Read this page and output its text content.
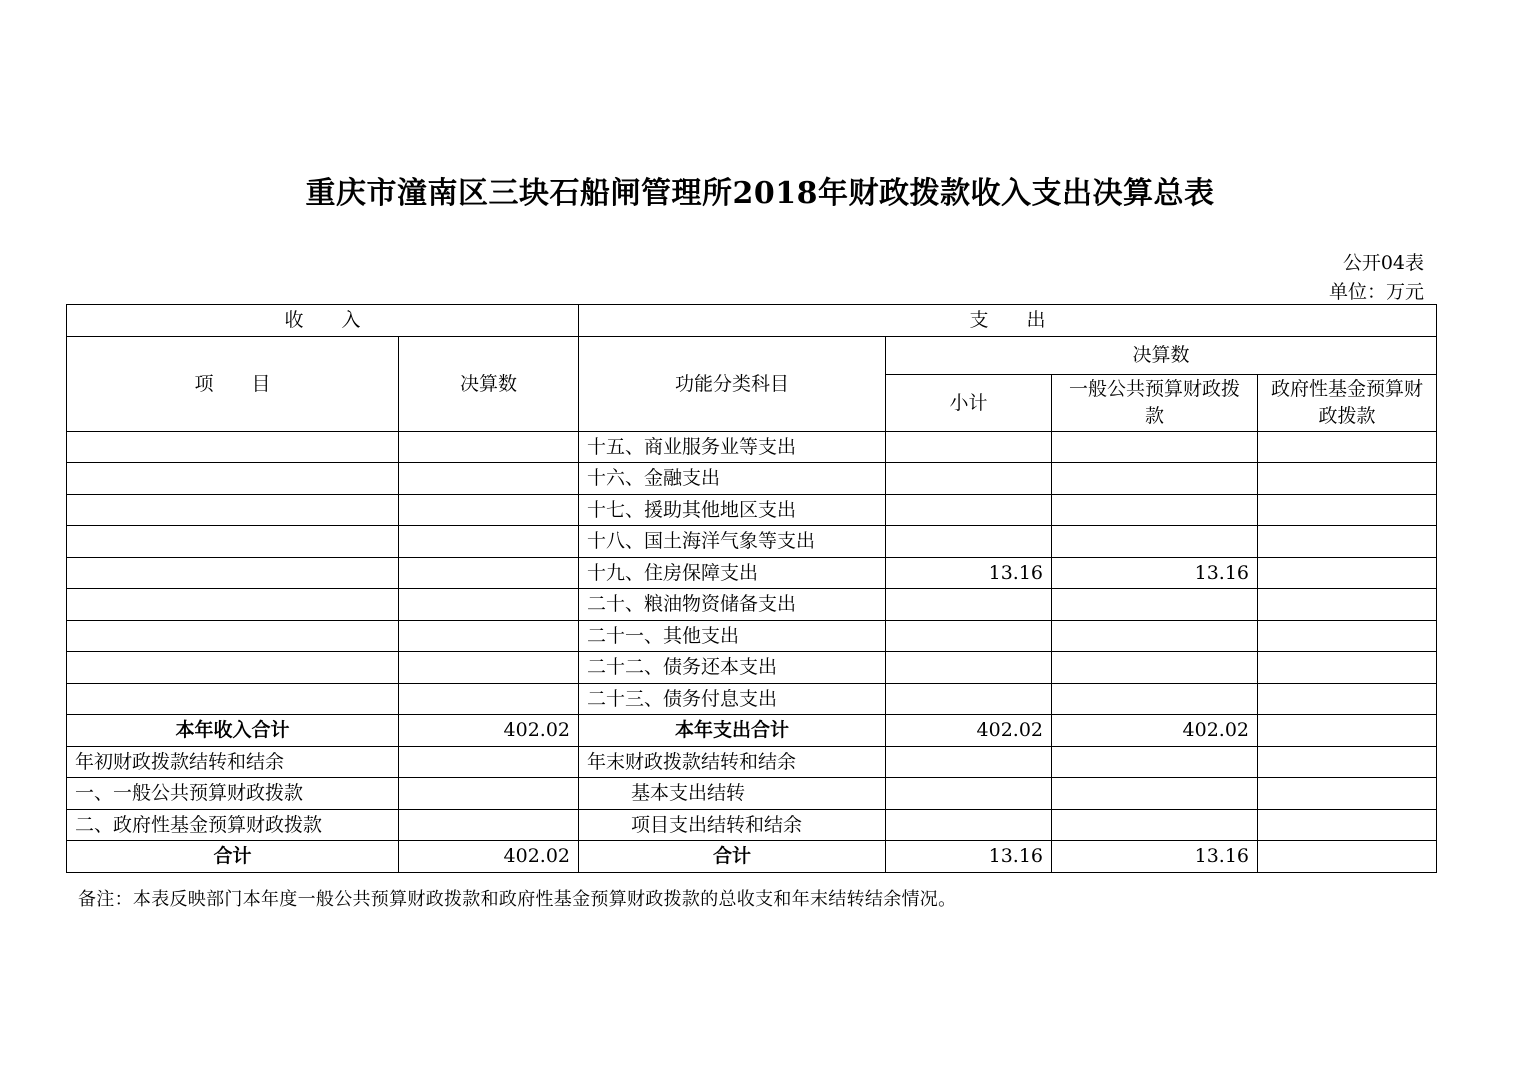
重庆市潼南区三块石船闸管理所2018年财政拨款收入支出决算总表
公开04表
单位：万元
收　　入		支　　出			
项　　目	决算数	功能分类科目	决算数		
			小计	一般公共预算财政拨款	政府性基金预算财政拨款
		十五、商业服务业等支出			
		十六、金融支出			
		十七、援助其他地区支出			
		十八、国土海洋气象等支出			
		十九、住房保障支出	13.16	13.16	
		二十、粮油物资储备支出			
		二十一、其他支出			
		二十二、债务还本支出			
		二十三、债务付息支出			
本年收入合计	402.02	本年支出合计	402.02	402.02	
年初财政拨款结转和结余		年末财政拨款结转和结余			
一、一般公共预算财政拨款		基本支出结转			
二、政府性基金预算财政拨款		项目支出结转和结余			
合计	402.02	合计	13.16	13.16	
备注：本表反映部门本年度一般公共预算财政拨款和政府性基金预算财政拨款的总收支和年末结转结余情况。
